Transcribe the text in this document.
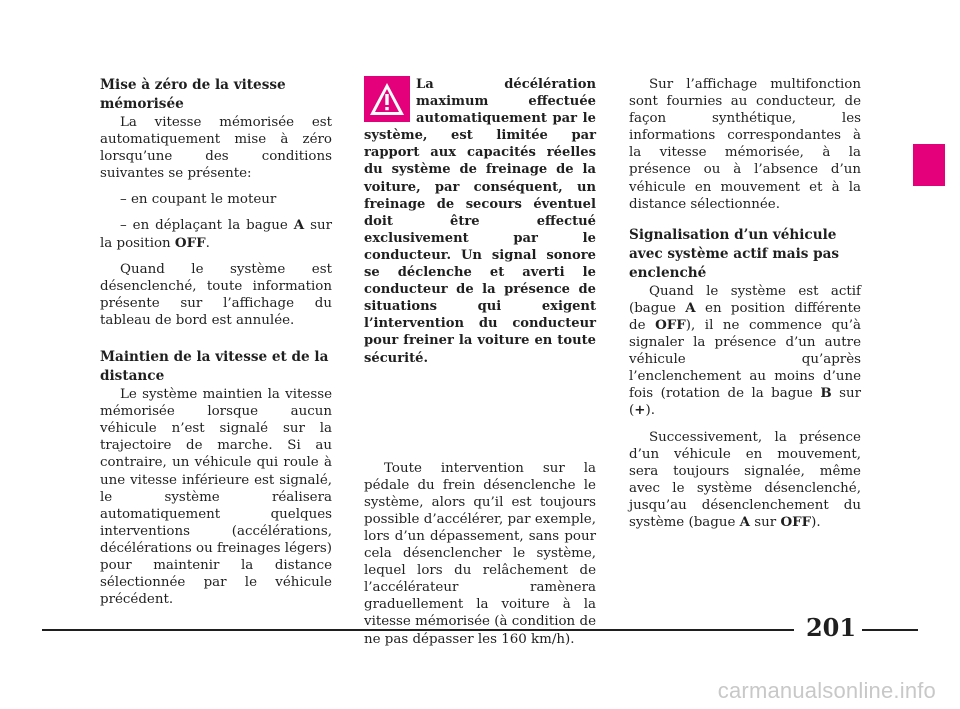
Mise à zéro de la vitesse mémorisée

La vitesse mémorisée est automatiquement mise à zéro lorsqu’une des conditions suivantes se présente:

– en coupant le moteur

– en déplaçant la bague A sur la position OFF.

Quand le système est désenclenché, toute information présente sur l’affichage du tableau de bord est annulée.

Maintien de la vitesse et de la distance

Le système maintien la vitesse mémorisée lorsque aucun véhicule n’est signalé sur la trajectoire de marche. Si au contraire, un véhicule qui roule à une vitesse inférieure est signalé, le système réalisera automatiquement quelques interventions (accélérations, décélérations ou freinages légers) pour maintenir la distance sélectionnée par le véhicule précédent.

La décélération maximum effectuée automatiquement par le système, est limitée par rapport aux capacités réelles du système de freinage de la voiture, par conséquent, un freinage de secours éventuel doit être effectué exclusivement par le conducteur. Un signal sonore se déclenche et averti le conducteur de la présence de situations qui exigent l’intervention du conducteur pour freiner la voiture en toute sécurité.

Toute intervention sur la pédale du frein désenclenche le système, alors qu’il est toujours possible d’accélérer, par exemple, lors d’un dépassement, sans pour cela désenclencher le système, lequel lors du relâchement de l’accélérateur ramènera graduellement la voiture à la vitesse mémorisée (à condition de ne pas dépasser les 160 km/h).

Sur l’affichage multifonction sont fournies au conducteur, de façon synthétique, les informations correspondantes à la vitesse mémorisée, à la présence ou à l’absence d’un véhicule en mouvement et à la distance sélectionnée.

Signalisation d’un véhicule avec système actif mais pas enclenché

Quand le système est actif (bague A en position différente de OFF), il ne commence qu’à signaler la présence d’un autre véhicule qu’après l’enclenchement au moins d’une fois (rotation de la bague B sur (+).

Successivement, la présence d’un véhicule en mouvement, sera toujours signalée, même avec le système désenclenché, jusqu’au désenclenchement du système (bague A sur OFF).

201
carmanualsonline.info
